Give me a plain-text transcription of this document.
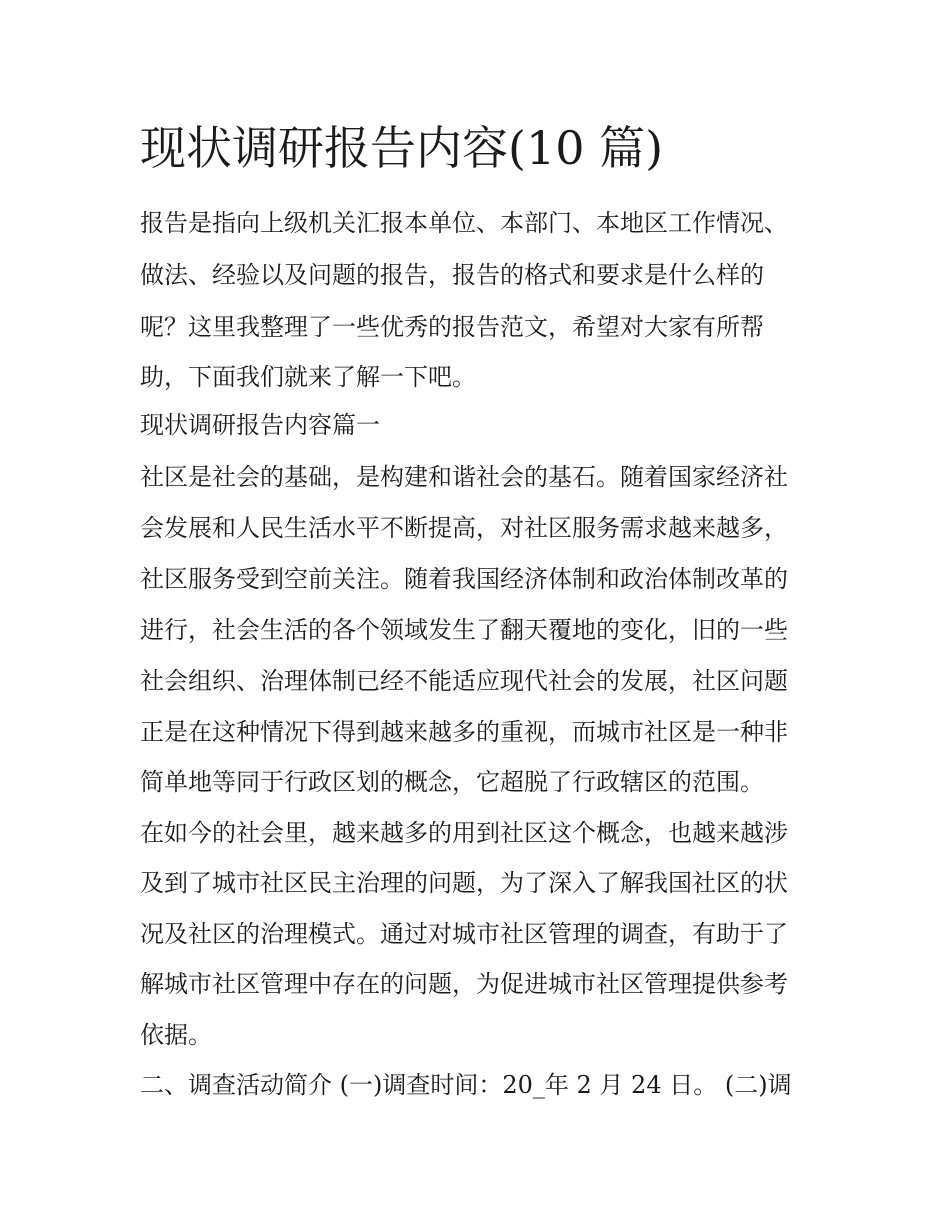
现状调研报告内容(10 篇)

报告是指向上级机关汇报本单位、本部门、本地区工作情况、

做法、经验以及问题的报告，报告的格式和要求是什么样的

呢？这里我整理了一些优秀的报告范文，希望对大家有所帮

助，下面我们就来了解一下吧。

现状调研报告内容篇一

社区是社会的基础，是构建和谐社会的基石。随着国家经济社

会发展和人民生活水平不断提高，对社区服务需求越来越多，

社区服务受到空前关注。随着我国经济体制和政治体制改革的

进行，社会生活的各个领域发生了翻天覆地的变化，旧的一些

社会组织、治理体制已经不能适应现代社会的发展，社区问题

正是在这种情况下得到越来越多的重视，而城市社区是一种非

简单地等同于行政区划的概念，它超脱了行政辖区的范围。

在如今的社会里，越来越多的用到社区这个概念，也越来越涉

及到了城市社区民主治理的问题，为了深入了解我国社区的状

况及社区的治理模式。通过对城市社区管理的调查，有助于了

解城市社区管理中存在的问题，为促进城市社区管理提供参考

依据。

二、调查活动简介 (一)调查时间：20_年 2 月 24 日。 (二)调
